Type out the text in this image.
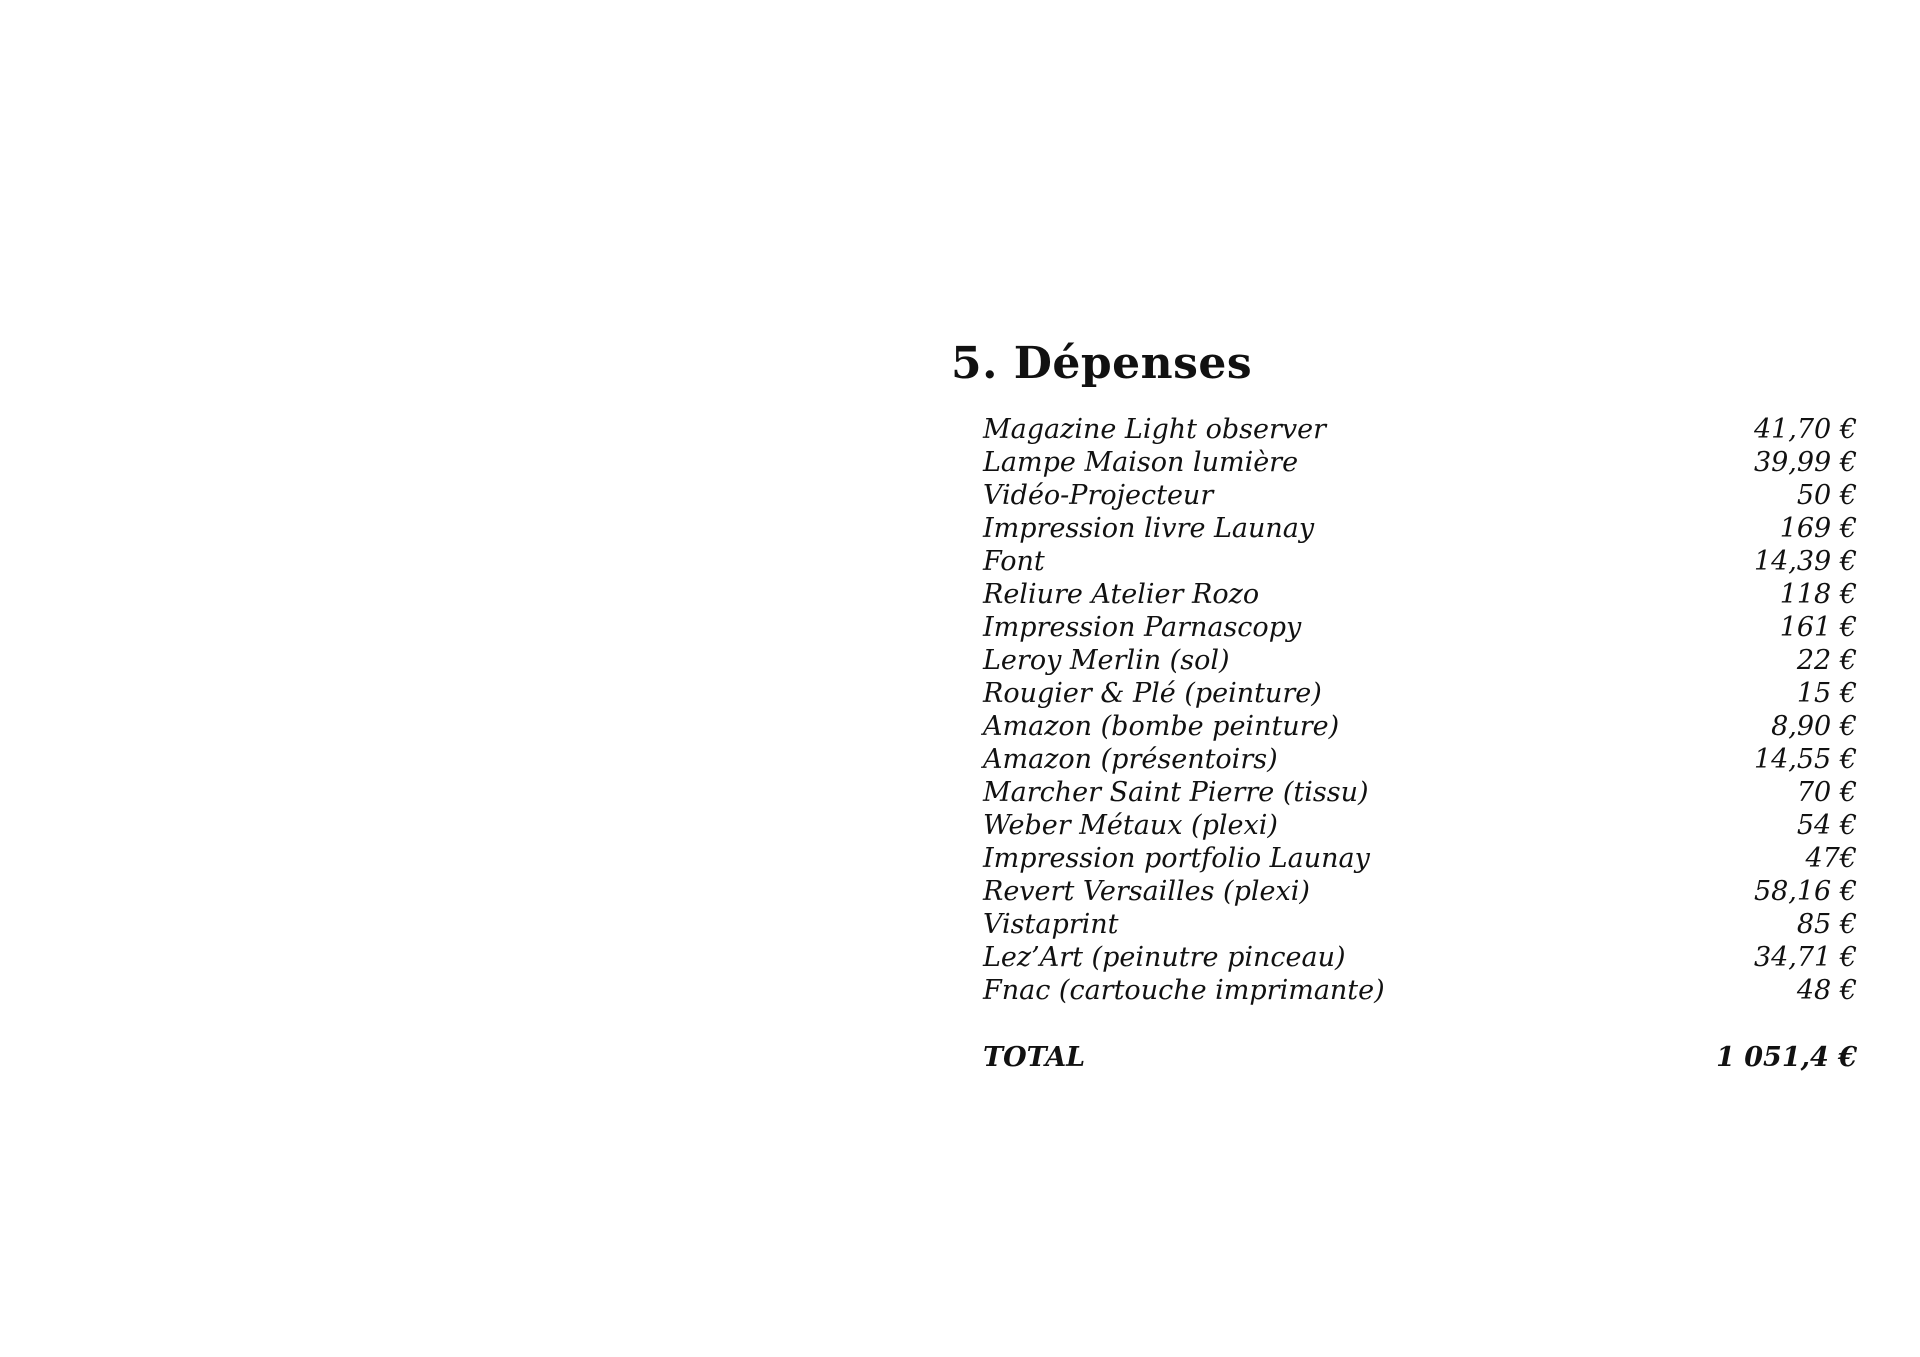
5. Dépenses
Magazine Light observer	41,70 €
Lampe Maison lumière	39,99 €
Vidéo-Projecteur	50 €
Impression livre Launay	169 €
Font	14,39 €
Reliure Atelier Rozo	118 €
Impression Parnascopy	161 €
Leroy Merlin (sol)	22 €
Rougier & Plé (peinture)	15 €
Amazon (bombe peinture)	8,90 €
Amazon (présentoirs)	14,55 €
Marcher Saint Pierre (tissu)	70 €
Weber Métaux (plexi)	54 €
Impression portfolio Launay	47€
Revert Versailles (plexi)	58,16 €
Vistaprint	85 €
Lez’Art (peinutre pinceau)	34,71 €
Fnac (cartouche imprimante)	48 €
TOTAL	1 051,4 €
